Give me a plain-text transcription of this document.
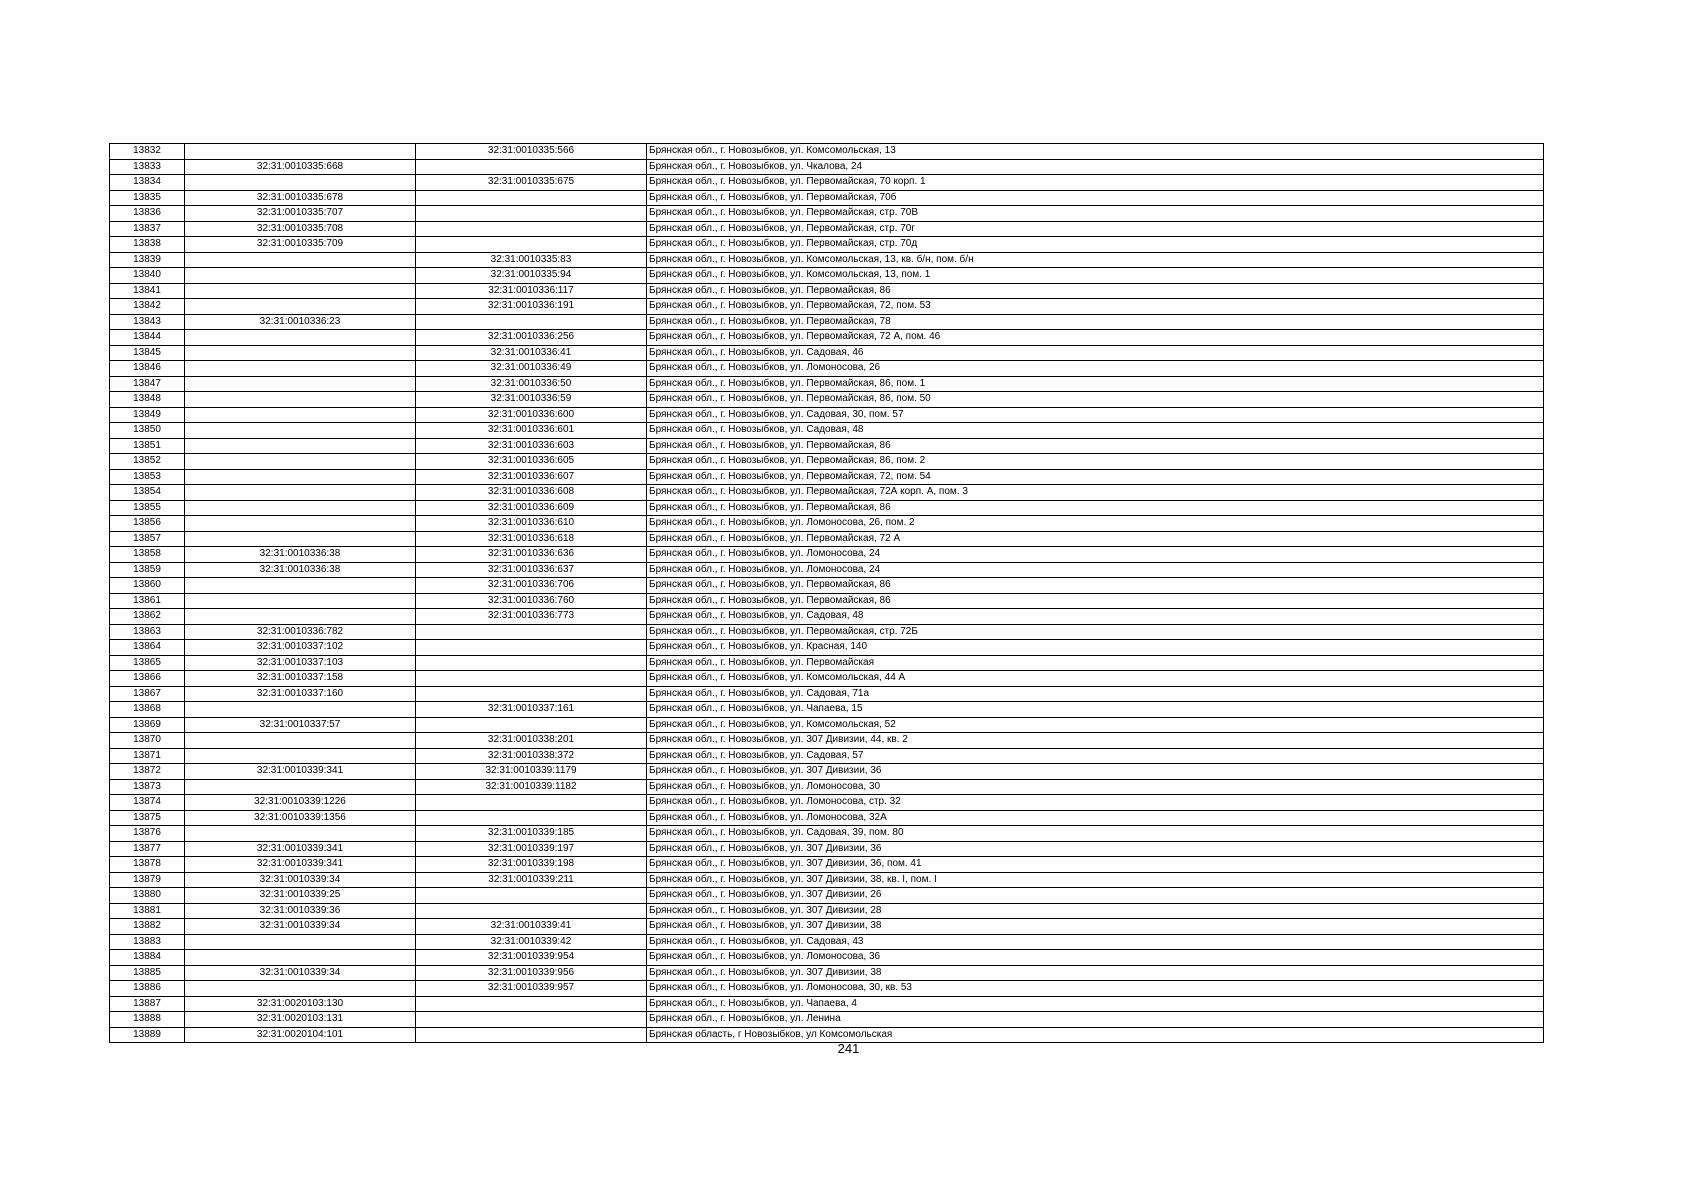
13832		32:31:0010335:566	Брянская обл., г. Новозыбков, ул. Комсомольская, 13
13833	32:31:0010335:668		Брянская обл., г. Новозыбков, ул. Чкалова, 24
13834		32:31:0010335:675	Брянская обл., г. Новозыбков, ул. Первомайская, 70 корп. 1
13835	32:31:0010335:678		Брянская обл., г. Новозыбков, ул. Первомайская, 70б
13836	32:31:0010335:707		Брянская обл., г. Новозыбков, ул. Первомайская, стр. 70В
13837	32:31:0010335:708		Брянская обл., г. Новозыбков, ул. Первомайская, стр. 70г
13838	32:31:0010335:709		Брянская обл., г. Новозыбков, ул. Первомайская, стр. 70д
13839		32:31:0010335:83	Брянская обл., г. Новозыбков, ул. Комсомольская, 13, кв. б/н, пом. б/н
13840		32:31:0010335:94	Брянская обл., г. Новозыбков, ул. Комсомольская, 13, пом. 1
13841		32:31:0010336:117	Брянская обл., г. Новозыбков, ул. Первомайская, 86
13842		32:31:0010336:191	Брянская обл., г. Новозыбков, ул. Первомайская, 72, пом. 53
13843	32:31:0010336:23		Брянская обл., г. Новозыбков, ул. Первомайская, 78
13844		32:31:0010336:256	Брянская обл., г. Новозыбков, ул. Первомайская, 72 А, пом. 46
13845		32:31:0010336:41	Брянская обл., г. Новозыбков, ул. Садовая, 46
13846		32:31:0010336:49	Брянская обл., г. Новозыбков, ул. Ломоносова, 26
13847		32:31:0010336:50	Брянская обл., г. Новозыбков, ул. Первомайская, 86, пом. 1
13848		32:31:0010336:59	Брянская обл., г. Новозыбков, ул. Первомайская, 86, пом. 50
13849		32:31:0010336:600	Брянская обл., г. Новозыбков, ул. Садовая, 30, пом. 57
13850		32:31:0010336:601	Брянская обл., г. Новозыбков, ул. Садовая, 48
13851		32:31:0010336:603	Брянская обл., г. Новозыбков, ул. Первомайская, 86
13852		32:31:0010336:605	Брянская обл., г. Новозыбков, ул. Первомайская, 86, пом. 2
13853		32:31:0010336:607	Брянская обл., г. Новозыбков, ул. Первомайская, 72, пом. 54
13854		32:31:0010336:608	Брянская обл., г. Новозыбков, ул. Первомайская, 72А корп. А, пом. 3
13855		32:31:0010336:609	Брянская обл., г. Новозыбков, ул. Первомайская, 86
13856		32:31:0010336:610	Брянская обл., г. Новозыбков, ул. Ломоносова, 26, пом. 2
13857		32:31:0010336:618	Брянская обл., г. Новозыбков, ул. Первомайская, 72 А
13858	32:31:0010336:38	32:31:0010336:636	Брянская обл., г. Новозыбков, ул. Ломоносова, 24
13859	32:31:0010336:38	32:31:0010336:637	Брянская обл., г. Новозыбков, ул. Ломоносова, 24
13860		32:31:0010336:706	Брянская обл., г. Новозыбков, ул. Первомайская, 86
13861		32:31:0010336:760	Брянская обл., г. Новозыбков, ул. Первомайская, 86
13862		32:31:0010336:773	Брянская обл., г. Новозыбков, ул. Садовая, 48
13863	32:31:0010336:782		Брянская обл., г. Новозыбков, ул. Первомайская, стр. 72Б
13864	32:31:0010337:102		Брянская обл., г. Новозыбков, ул. Красная, 140
13865	32:31:0010337:103		Брянская обл., г. Новозыбков, ул. Первомайская
13866	32:31:0010337:158		Брянская обл., г. Новозыбков, ул. Комсомольская, 44 А
13867	32:31:0010337:160		Брянская обл., г. Новозыбков, ул. Садовая, 71а
13868		32:31:0010337:161	Брянская обл., г. Новозыбков, ул. Чапаева, 15
13869	32:31:0010337:57		Брянская обл., г. Новозыбков, ул. Комсомольская, 52
13870		32:31:0010338:201	Брянская обл., г. Новозыбков, ул. 307 Дивизии, 44, кв. 2
13871		32:31:0010338:372	Брянская обл., г. Новозыбков, ул. Садовая, 57
13872	32:31:0010339:341	32:31:0010339:1179	Брянская обл., г. Новозыбков, ул. 307 Дивизии, 36
13873		32:31:0010339:1182	Брянская обл., г. Новозыбков, ул. Ломоносова, 30
13874	32:31:0010339:1226		Брянская обл., г. Новозыбков, ул. Ломоносова, стр. 32
13875	32:31:0010339:1356		Брянская обл., г. Новозыбков, ул. Ломоносова, 32А
13876		32:31:0010339:185	Брянская обл., г. Новозыбков, ул. Садовая, 39, пом. 80
13877	32:31:0010339:341	32:31:0010339:197	Брянская обл., г. Новозыбков, ул. 307 Дивизии, 36
13878	32:31:0010339:341	32:31:0010339:198	Брянская обл., г. Новозыбков, ул. 307 Дивизии, 36, пом. 41
13879	32:31:0010339:34	32:31:0010339:211	Брянская обл., г. Новозыбков, ул. 307 Дивизии, 38, кв. I, пом. I
13880	32:31:0010339:25		Брянская обл., г. Новозыбков, ул. 307 Дивизии, 26
13881	32:31:0010339:36		Брянская обл., г. Новозыбков, ул. 307 Дивизии, 28
13882	32:31:0010339:34	32:31:0010339:41	Брянская обл., г. Новозыбков, ул. 307 Дивизии, 38
13883		32:31:0010339:42	Брянская обл., г. Новозыбков, ул. Садовая, 43
13884		32:31:0010339:954	Брянская обл., г. Новозыбков, ул. Ломоносова, 36
13885	32:31:0010339:34	32:31:0010339:956	Брянская обл., г. Новозыбков, ул. 307 Дивизии, 38
13886		32:31:0010339:957	Брянская обл., г. Новозыбков, ул. Ломоносова, 30, кв. 53
13887	32:31:0020103:130		Брянская обл., г. Новозыбков, ул. Чапаева, 4
13888	32:31:0020103:131		Брянская обл., г. Новозыбков, ул. Ленина
13889	32:31:0020104:101		Брянская область, г Новозыбков, ул Комсомольская
241
